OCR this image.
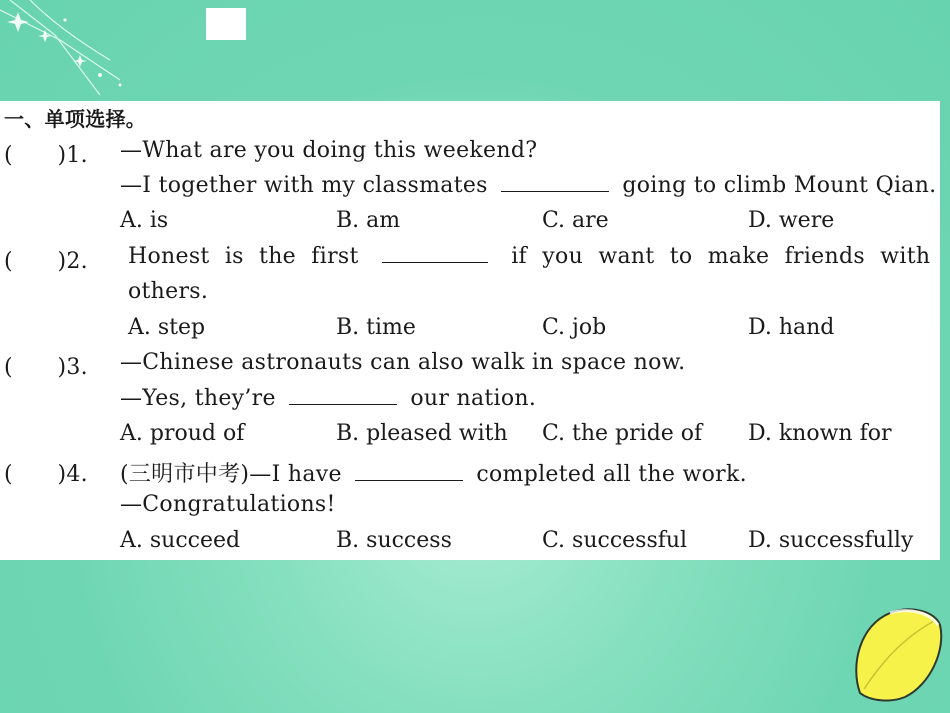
一、单项选择。
(　　)1. —What are you doing this weekend?
—I together with my classmates	going to climb Mount Qian.
A. is	B. am	C. are	D. were
(　　)2. Honest is the first	if you want to make friends with
others.
A. step	B. time	C. job	D. hand
(　　)3. —Chinese astronauts can also walk in space now.
—Yes, they’re	our nation.
A. proud of	B. pleased with C. the pride of D. known for
(　　)4. (三明市中考)—I have	completed all the work.
—Congratulations!
A. succeed	B. success	C. successful	D. successfully
